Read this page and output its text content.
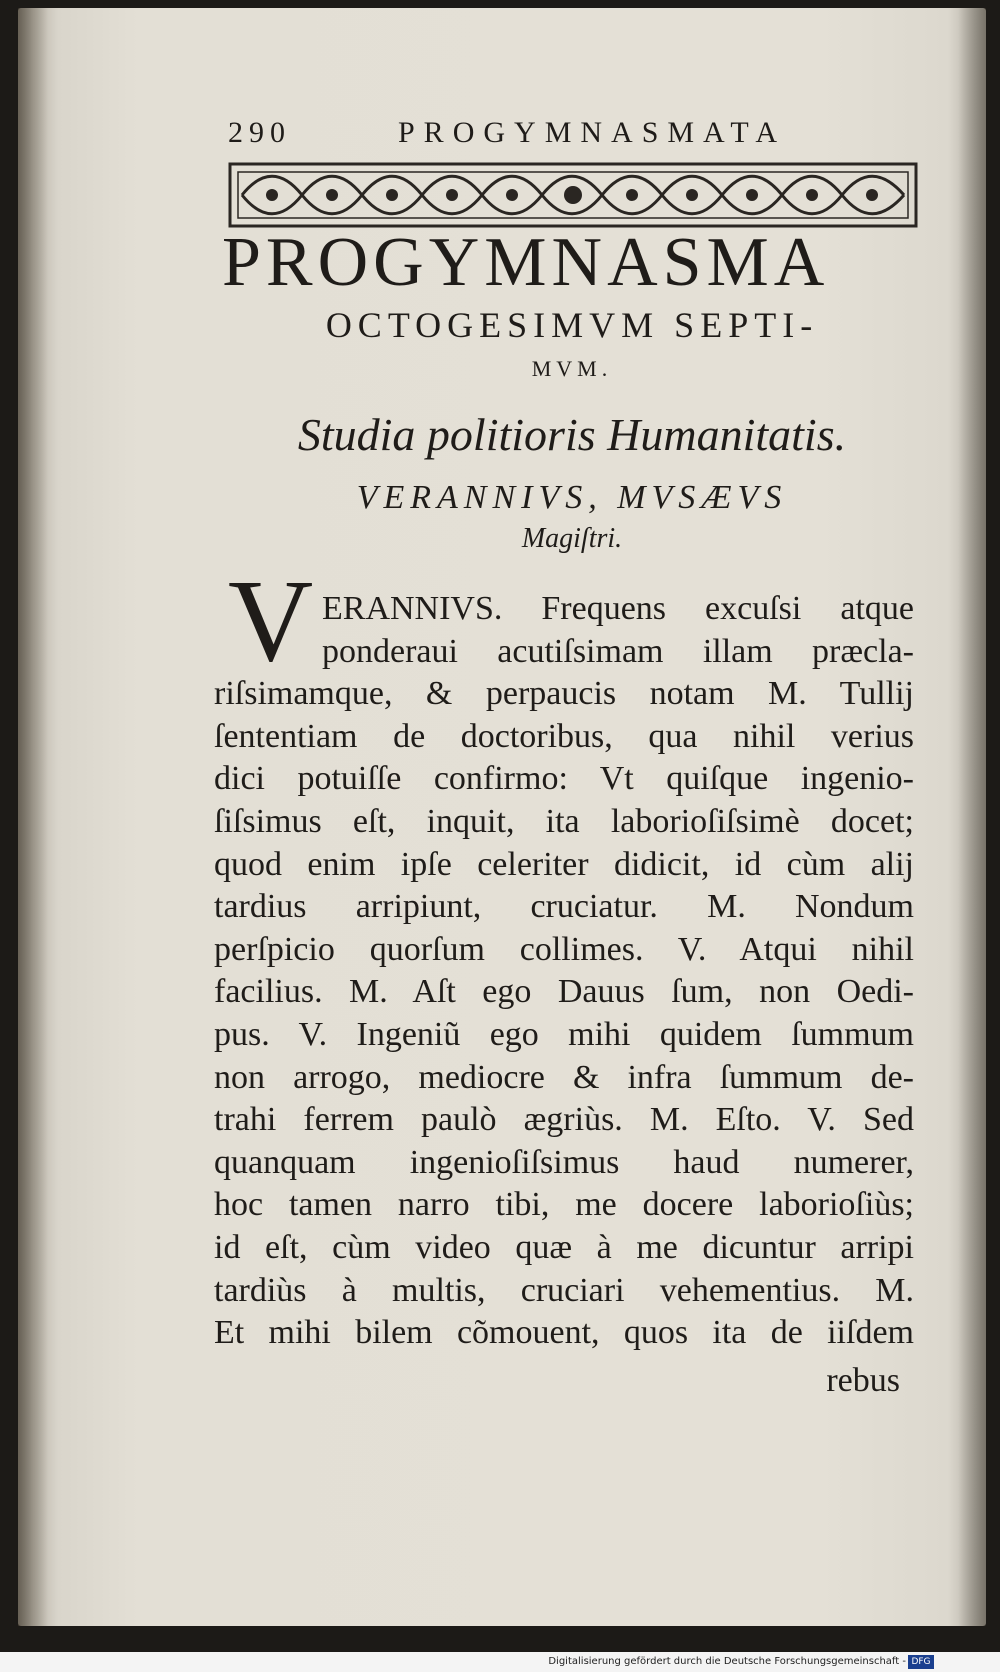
290	PROGYMNASMATA
PROGYMNASMA
OCTOGESIMVM SEPTI-
MVM.
Studia politioris Humanitatis.
VERANNIVS, MVSÆVS
Magiſtri.
V ERANNIVS. Frequens excuſsi atque
ponderaui acutiſsimam illam præcla-
riſsimamque, & perpaucis notam M. Tullij
ſententiam de doctoribus, qua nihil verius
dici potuiſſe confirmo: Vt quiſque ingenio-
ſiſsimus eſt, inquit, ita laborioſiſsimè docet;
quod enim ipſe celeriter didicit, id cùm alij
tardius arripiunt, cruciatur. M. Nondum
perſpicio quorſum collimes. V. Atqui nihil
facilius. M. Aſt ego Dauus ſum, non Oedi-
pus. V. Ingeniũ ego mihi quidem ſummum
non arrogo, mediocre & infra ſummum de-
trahi ferrem paulò ægriùs. M. Eſto. V. Sed
quanquam ingenioſiſsimus haud numerer,
hoc tamen narro tibi, me docere laborioſiùs;
id eſt, cùm video quæ à me dicuntur arripi
tardiùs à multis, cruciari vehementius. M.
Et mihi bilem cõmouent, quos ita de iiſdem
rebus
Digitalisierung gefördert durch die Deutsche Forschungsgemeinschaft - DFG
